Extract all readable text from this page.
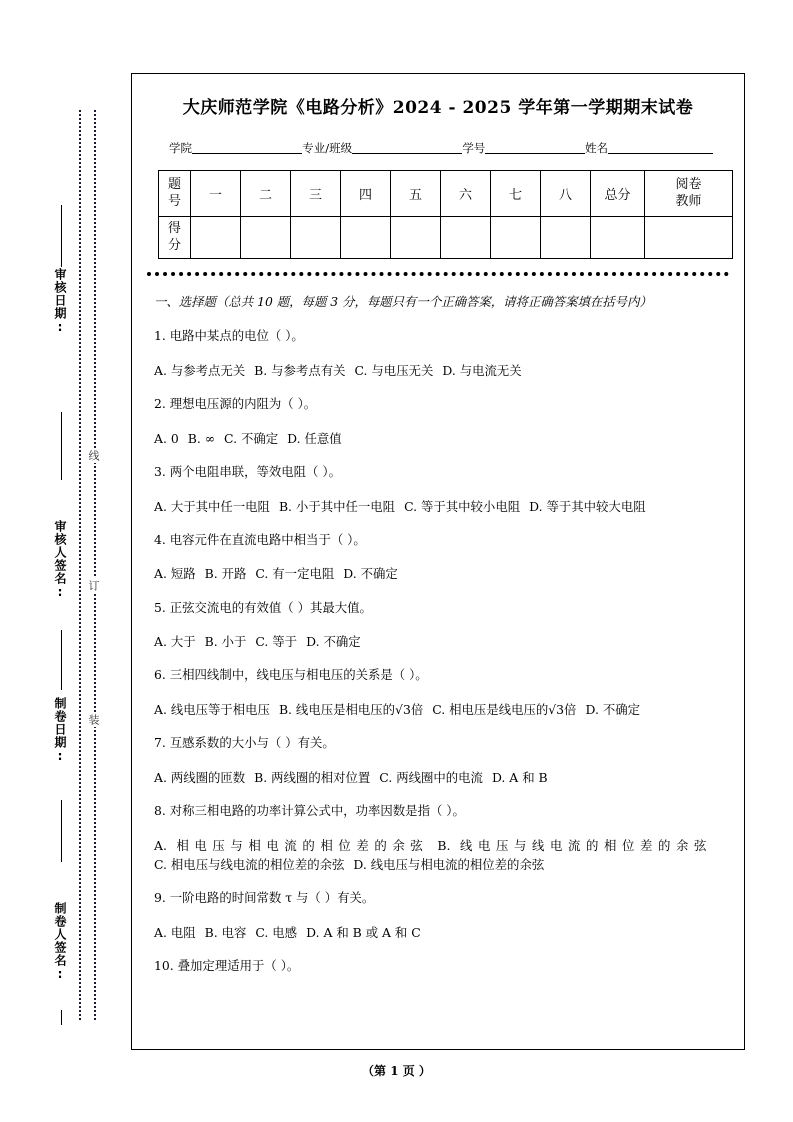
审核日期:
审核人签名:
制卷日期:
制卷人签名:
线
订
装
大庆师范学院《电路分析》2024 - 2025 学年第一学期期末试卷
学院	专业/班级	学号	姓名
题
号	一	二	三	四	五	六	七	八	总分	阅卷
教师

得
分										

一、选择题（总共 10 题，每题 3 分，每题只有一个正确答案，请将正确答案填在括号内）
1. 电路中某点的电位（ ）。
A. 与参考点无关 B. 与参考点有关 C. 与电压无关 D. 与电流无关
2. 理想电压源的内阻为（ ）。
A. 0 B. ∞ C. 不确定 D. 任意值
3. 两个电阻串联，等效电阻（ ）。
A. 大于其中任一电阻 B. 小于其中任一电阻 C. 等于其中较小电阻 D. 等于其中较大电阻
4. 电容元件在直流电路中相当于（ ）。
A. 短路 B. 开路 C. 有一定电阻 D. 不确定
5. 正弦交流电的有效值（ ）其最大值。
A. 大于 B. 小于 C. 等于 D. 不确定
6. 三相四线制中，线电压与相电压的关系是（ ）。
A. 线电压等于相电压 B. 线电压是相电压的√3倍 C. 相电压是线电压的√3倍 D. 不确定
7. 互感系数的大小与（ ）有关。
A. 两线圈的匝数 B. 两线圈的相对位置 C. 两线圈中的电流 D. A 和 B
8. 对称三相电路的功率计算公式中，功率因数是指（ ）。
A. 相电压与相电流的相位差的余弦 B. 线电压与线电流的相位差的余弦C. 相电压与线电流的相位差的余弦 D. 线电压与相电流的相位差的余弦
9. 一阶电路的时间常数 τ 与（ ）有关。
A. 电阻 B. 电容 C. 电感 D. A 和 B 或 A 和 C
10. 叠加定理适用于（ ）。
（第 1 页 ）
